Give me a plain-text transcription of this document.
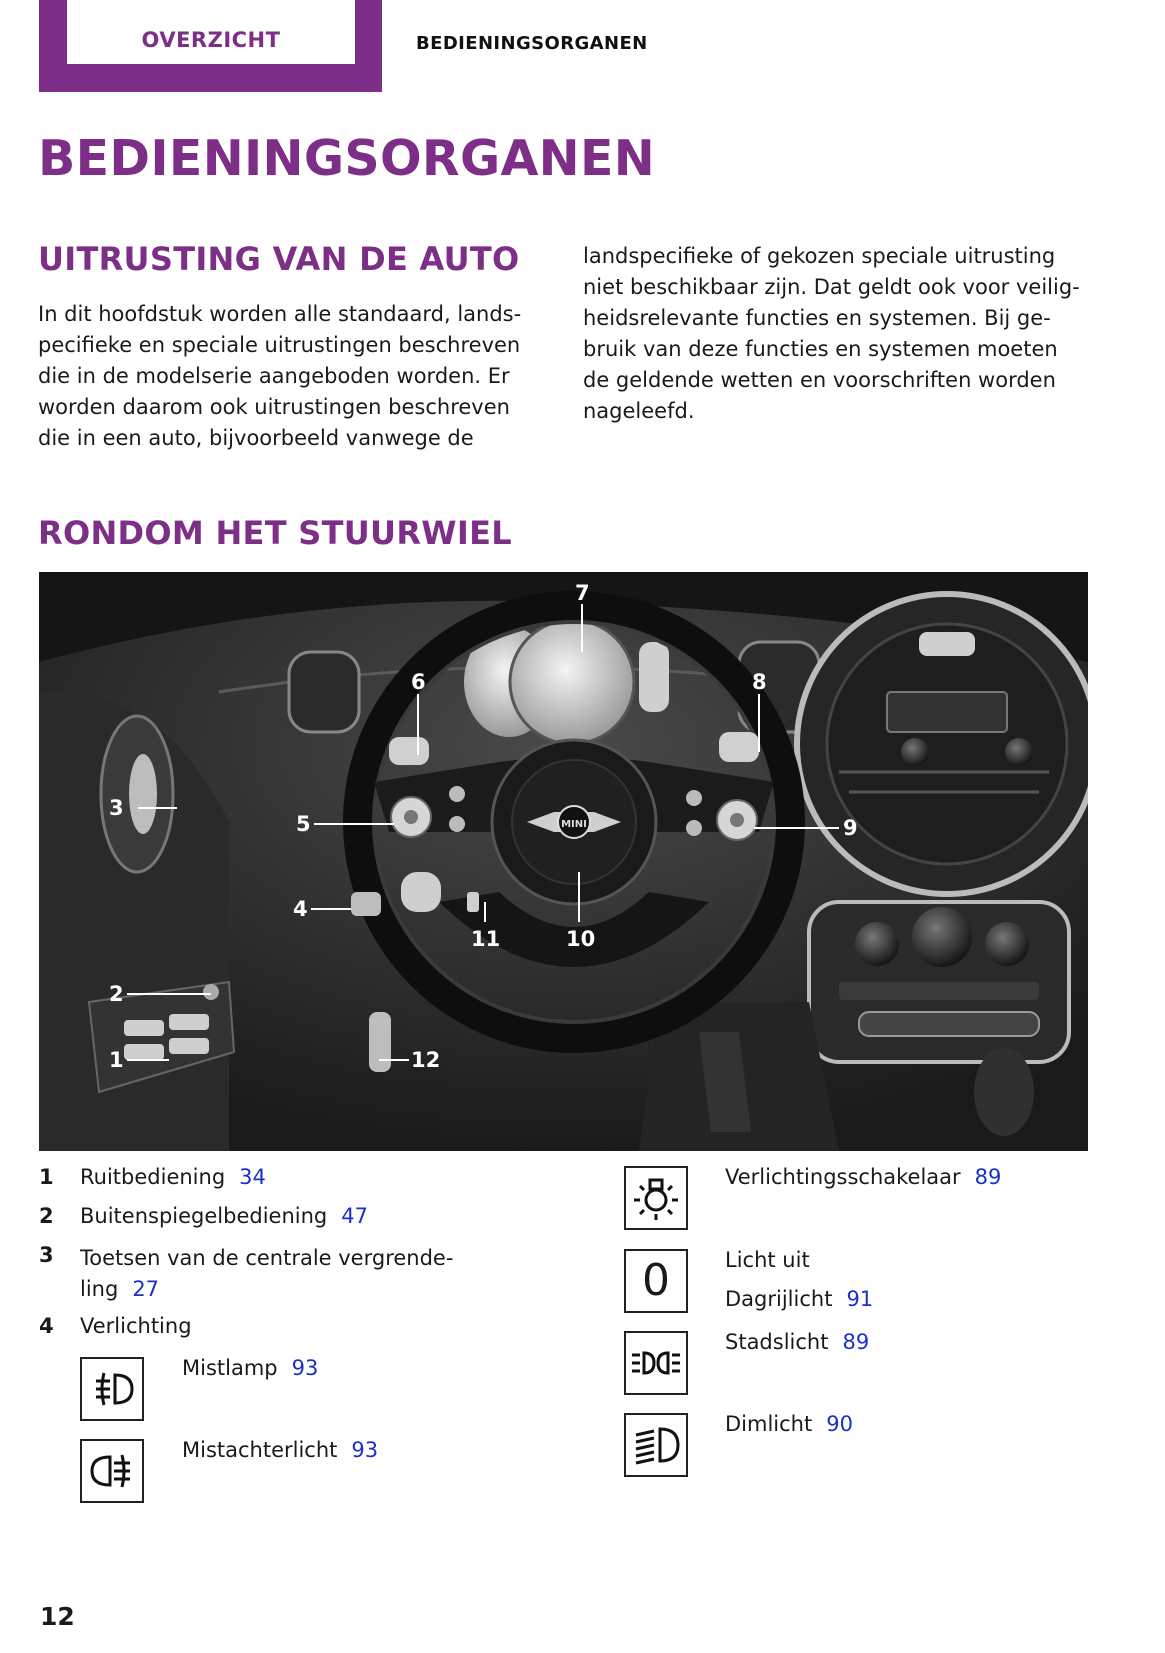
OVERZICHT	BEDIENINGSORGANEN
BEDIENINGSORGANEN
UITRUSTING VAN DE AUTO
In dit hoofdstuk worden alle standaard, lands-
pecifieke en speciale uitrustingen beschreven
die in de modelserie aangeboden worden. Er
worden daarom ook uitrustingen beschreven
die in een auto, bijvoorbeeld vanwege de
landspecifieke of gekozen speciale uitrusting
niet beschikbaar zijn. Dat geldt ook voor veilig-
heidsrelevante functies en systemen. Bij ge-
bruik van deze functies en systemen moeten
de geldende wetten en voorschriften worden
nageleefd.
RONDOM HET STUURWIEL
MINI
1
2
3
4
5
6
7
8
9
10
11
12
1 Ruitbediening 34
2 Buitenspiegelbediening 47
3 Toetsen van de centrale vergrende-
ling 27
4 Verlichting
Mistlamp 93
Mistachterlicht 93
Verlichtingsschakelaar 89
0	Licht uit
Dagrijlicht 91
Stadslicht 89
Dimlicht 90
12
